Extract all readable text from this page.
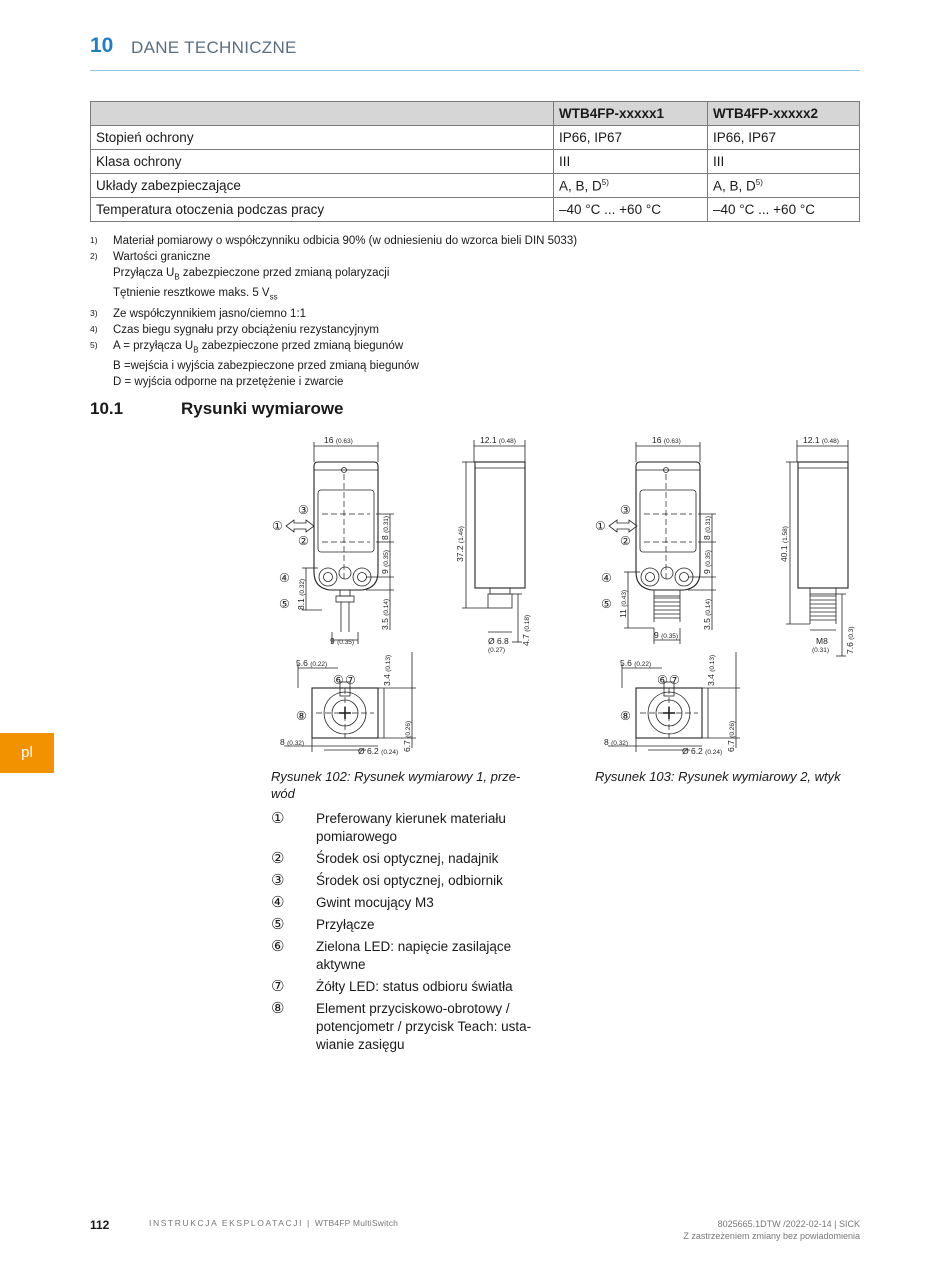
10 DANE TECHNICZNE
	WTB4FP-xxxxx1	WTB4FP-xxxxx2
Stopień ochrony	IP66, IP67	IP66, IP67
Klasa ochrony	III	III
Układy zabezpieczające	A, B, $D^{5)}$	A, B, $D^{5)}$
Temperatura otoczenia podczas pracy	–40 °C ... +60 °C	–40 °C ... +60 °C
1) Materiał pomiarowy o współczynniku odbicia 90% (w odniesieniu do wzorca bieli DIN 5033)
2) Wartości graniczne
Przyłącza $U_B$ zabezpieczone przed zmianą polaryzacji
Tętnienie resztkowe maks. 5 $V_{ss}$
3) Ze współczynnikiem jasno/ciemno 1:1
4) Czas biegu sygnału przy obciążeniu rezystancyjnym
5) A = przyłącza $U_B$ zabezpieczone przed zmianą biegunów
B =wejścia i wyjścia zabezpieczone przed zmianą biegunów
D = wyjścia odporne na przetężenie i zwarcie
10.1	Rysunki wymiarowe
16 (0.63)	12.1 (0.48)
9 (0.35)
37.2 (1.46)
8 (0.31)
9 (0.35)
3.5 (0.14)
8.1 (0.32)
Ø 6.8
(0.27)
4.7 (0.18)
5.6 (0.22)
3.4 (0.13)
6.7 (0.26)
8 (0.32)
Ø 6.2 (0.24)
①
③
②
④
⑤
⑥ ⑦
⑧
16 (0.63)	12.1 (0.48)
9 (0.35)
40.1 (1.58)
8 (0.31)
9 (0.35)
3.5 (0.14)
11 (0.43)
M8
(0.31) 7.6 (0.3)
5.6 (0.22)
3.4 (0.13)
6.7 (0.26)
8 (0.32)
Ø 6.2 (0.24)
①
③
②
④
⑤
⑥ ⑦
⑧
Rysunek 102: Rysunek wymiarowy 1, prze-
wód
Rysunek 103: Rysunek wymiarowy 2, wtyk
① Preferowany kierunek materiału
pomiarowego
② Środek osi optycznej, nadajnik
③ Środek osi optycznej, odbiornik
④ Gwint mocujący M3
⑤ Przyłącze
⑥ Zielona LED: napięcie zasilające
aktywne
⑦ Żółty LED: status odbioru światła
⑧ Element przyciskowo-obrotowy /
potencjometr / przycisk Teach: usta-
wianie zasięgu
pl
112	INSTRUKCJA EKSPLOATACJI | WTB4FP MultiSwitch	8025665.1DTW /2022-02-14 | SICK
Z zastrzeżeniem zmiany bez powiadomienia
